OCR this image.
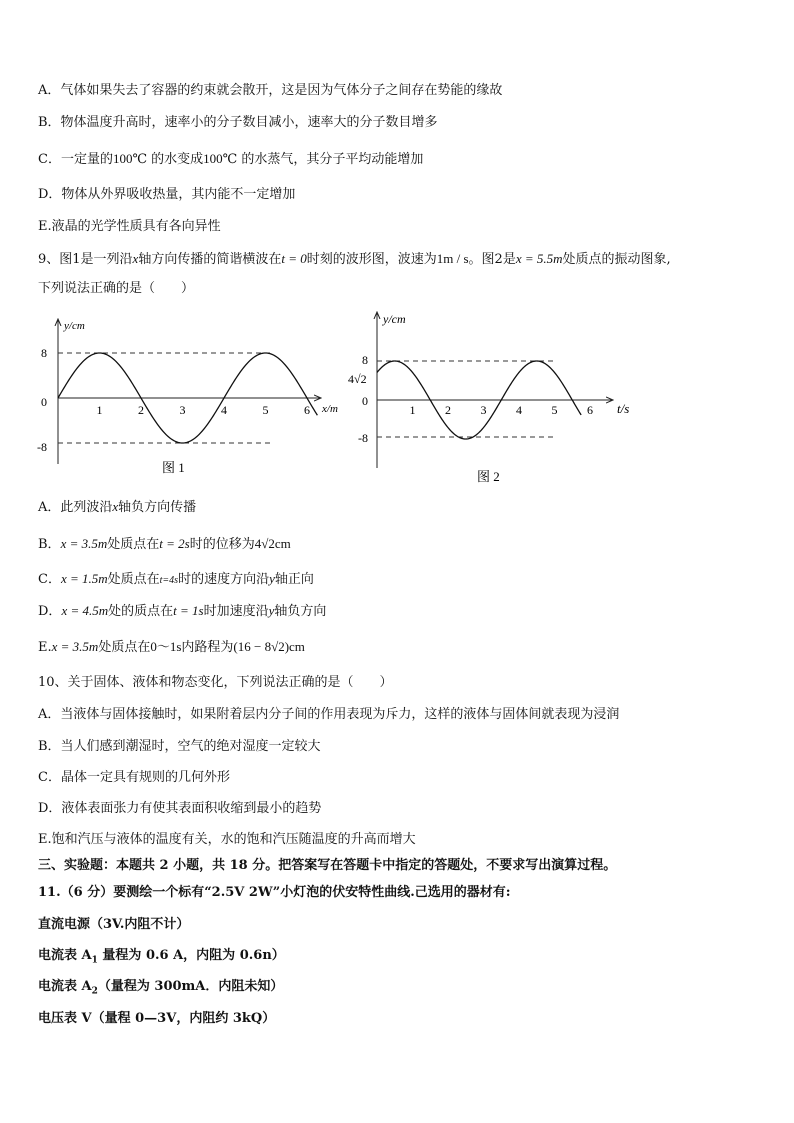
A．气体如果失去了容器的约束就会散开，这是因为气体分子之间存在势能的缘故
B．物体温度升高时，速率小的分子数目减小，速率大的分子数目增多
C．一定量的100℃ 的水变成100℃ 的水蒸气，其分子平均动能增加
D．物体从外界吸收热量，其内能不一定增加
E.液晶的光学性质具有各向异性
9、图1是一列沿x轴方向传播的简谐横波在t = 0时刻的波形图，波速为1m / s。图2是x = 5.5m处质点的振动图象,
下列说法正确的是（　　）
1	2	3	4	5	6
y/cm
x/m
8
0
-8
图 1
1 2 3 4 5 6
y/cm
t/s
8
4√2
0
-8
图 2
A．此列波沿x轴负方向传播
B．x = 3.5m处质点在t = 2s时的位移为4√2cm
C．x = 1.5m处质点在t=4s时的速度方向沿y轴正向
D．x = 4.5m处的质点在t = 1s时加速度沿y轴负方向
E.x = 3.5m处质点在0～1s内路程为(16 − 8√2)cm
10、关于固体、液体和物态变化，下列说法正确的是（　　）
A．当液体与固体接触时，如果附着层内分子间的作用表现为斥力，这样的液体与固体间就表现为浸润
B．当人们感到潮湿时，空气的绝对湿度一定较大
C．晶体一定具有规则的几何外形
D．液体表面张力有使其表面积收缩到最小的趋势
E.饱和汽压与液体的温度有关，水的饱和汽压随温度的升高而增大
三、实验题：本题共 2 小题，共 18 分。把答案写在答题卡中指定的答题处，不要求写出演算过程。
11.（6 分）要测绘一个标有“2.5V 2W”小灯泡的伏安特性曲线.己选用的器材有:
直流电源（3V.内阻不计）
电流表 $A_1$ 量程为 0.6 A，内阻为 0.6n）
电流表 $A_2$（量程为 300mA．内阻未知）
电压表 V（量程 0—3V，内阻约 3kQ）
